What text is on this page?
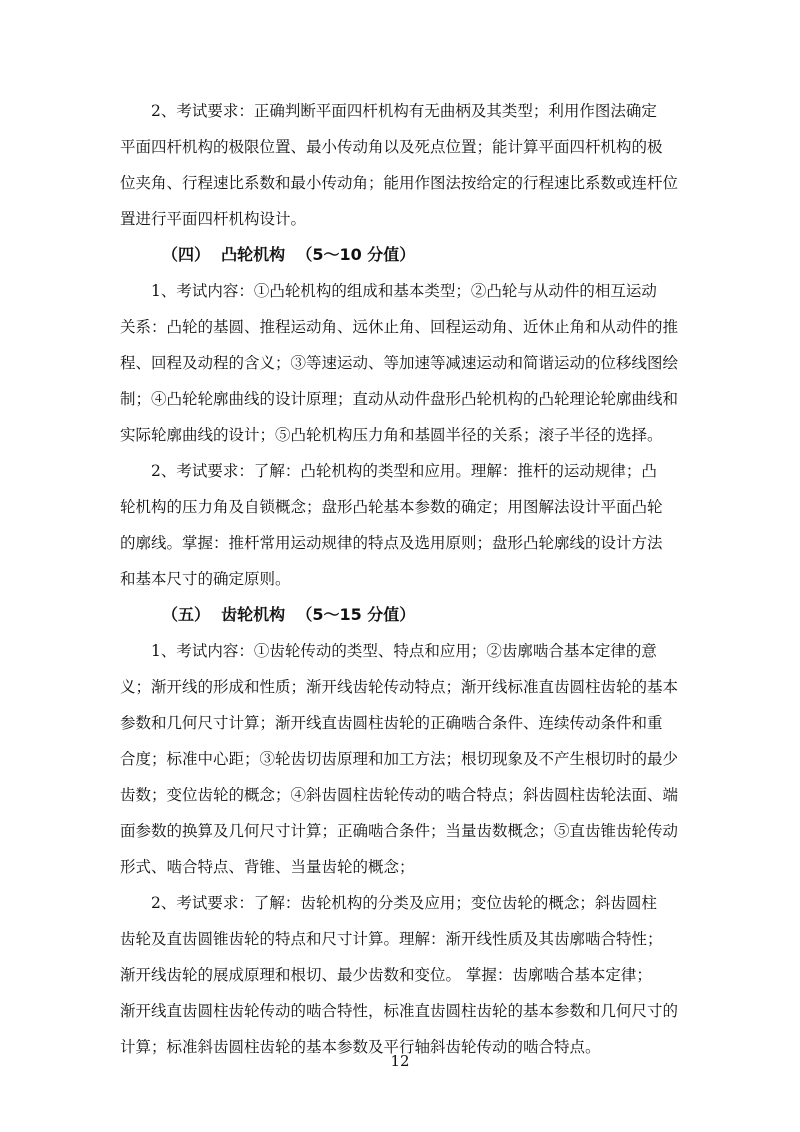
2、考试要求：正确判断平面四杆机构有无曲柄及其类型；利用作图法确定
平面四杆机构的极限位置、最小传动角以及死点位置；能计算平面四杆机构的极
位夹角、行程速比系数和最小传动角；能用作图法按给定的行程速比系数或连杆位
置进行平面四杆机构设计。
（四） 凸轮机构 （5～10 分值）
1、考试内容：①凸轮机构的组成和基本类型；②凸轮与从动件的相互运动
关系：凸轮的基圆、推程运动角、远休止角、回程运动角、近休止角和从动件的推
程、回程及动程的含义；③等速运动、等加速等减速运动和简谐运动的位移线图绘
制；④凸轮轮廓曲线的设计原理；直动从动件盘形凸轮机构的凸轮理论轮廓曲线和
实际轮廓曲线的设计；⑤凸轮机构压力角和基圆半径的关系；滚子半径的选择。
2、考试要求：了解：凸轮机构的类型和应用。理解：推杆的运动规律；凸
轮机构的压力角及自锁概念；盘形凸轮基本参数的确定；用图解法设计平面凸轮
的廓线。掌握：推杆常用运动规律的特点及选用原则；盘形凸轮廓线的设计方法
和基本尺寸的确定原则。
（五） 齿轮机构 （5～15 分值）
1、考试内容：①齿轮传动的类型、特点和应用；②齿廓啮合基本定律的意
义；渐开线的形成和性质；渐开线齿轮传动特点；渐开线标准直齿圆柱齿轮的基本
参数和几何尺寸计算；渐开线直齿圆柱齿轮的正确啮合条件、连续传动条件和重
合度；标准中心距；③轮齿切齿原理和加工方法；根切现象及不产生根切时的最少
齿数；变位齿轮的概念；④斜齿圆柱齿轮传动的啮合特点；斜齿圆柱齿轮法面、端
面参数的换算及几何尺寸计算；正确啮合条件；当量齿数概念；⑤直齿锥齿轮传动
形式、啮合特点、背锥、当量齿轮的概念；
2、考试要求：了解：齿轮机构的分类及应用；变位齿轮的概念；斜齿圆柱
齿轮及直齿圆锥齿轮的特点和尺寸计算。理解：渐开线性质及其齿廓啮合特性；
渐开线齿轮的展成原理和根切、最少齿数和变位。 掌握：齿廓啮合基本定律；
渐开线直齿圆柱齿轮传动的啮合特性，标准直齿圆柱齿轮的基本参数和几何尺寸的
计算；标准斜齿圆柱齿轮的基本参数及平行轴斜齿轮传动的啮合特点。
12
